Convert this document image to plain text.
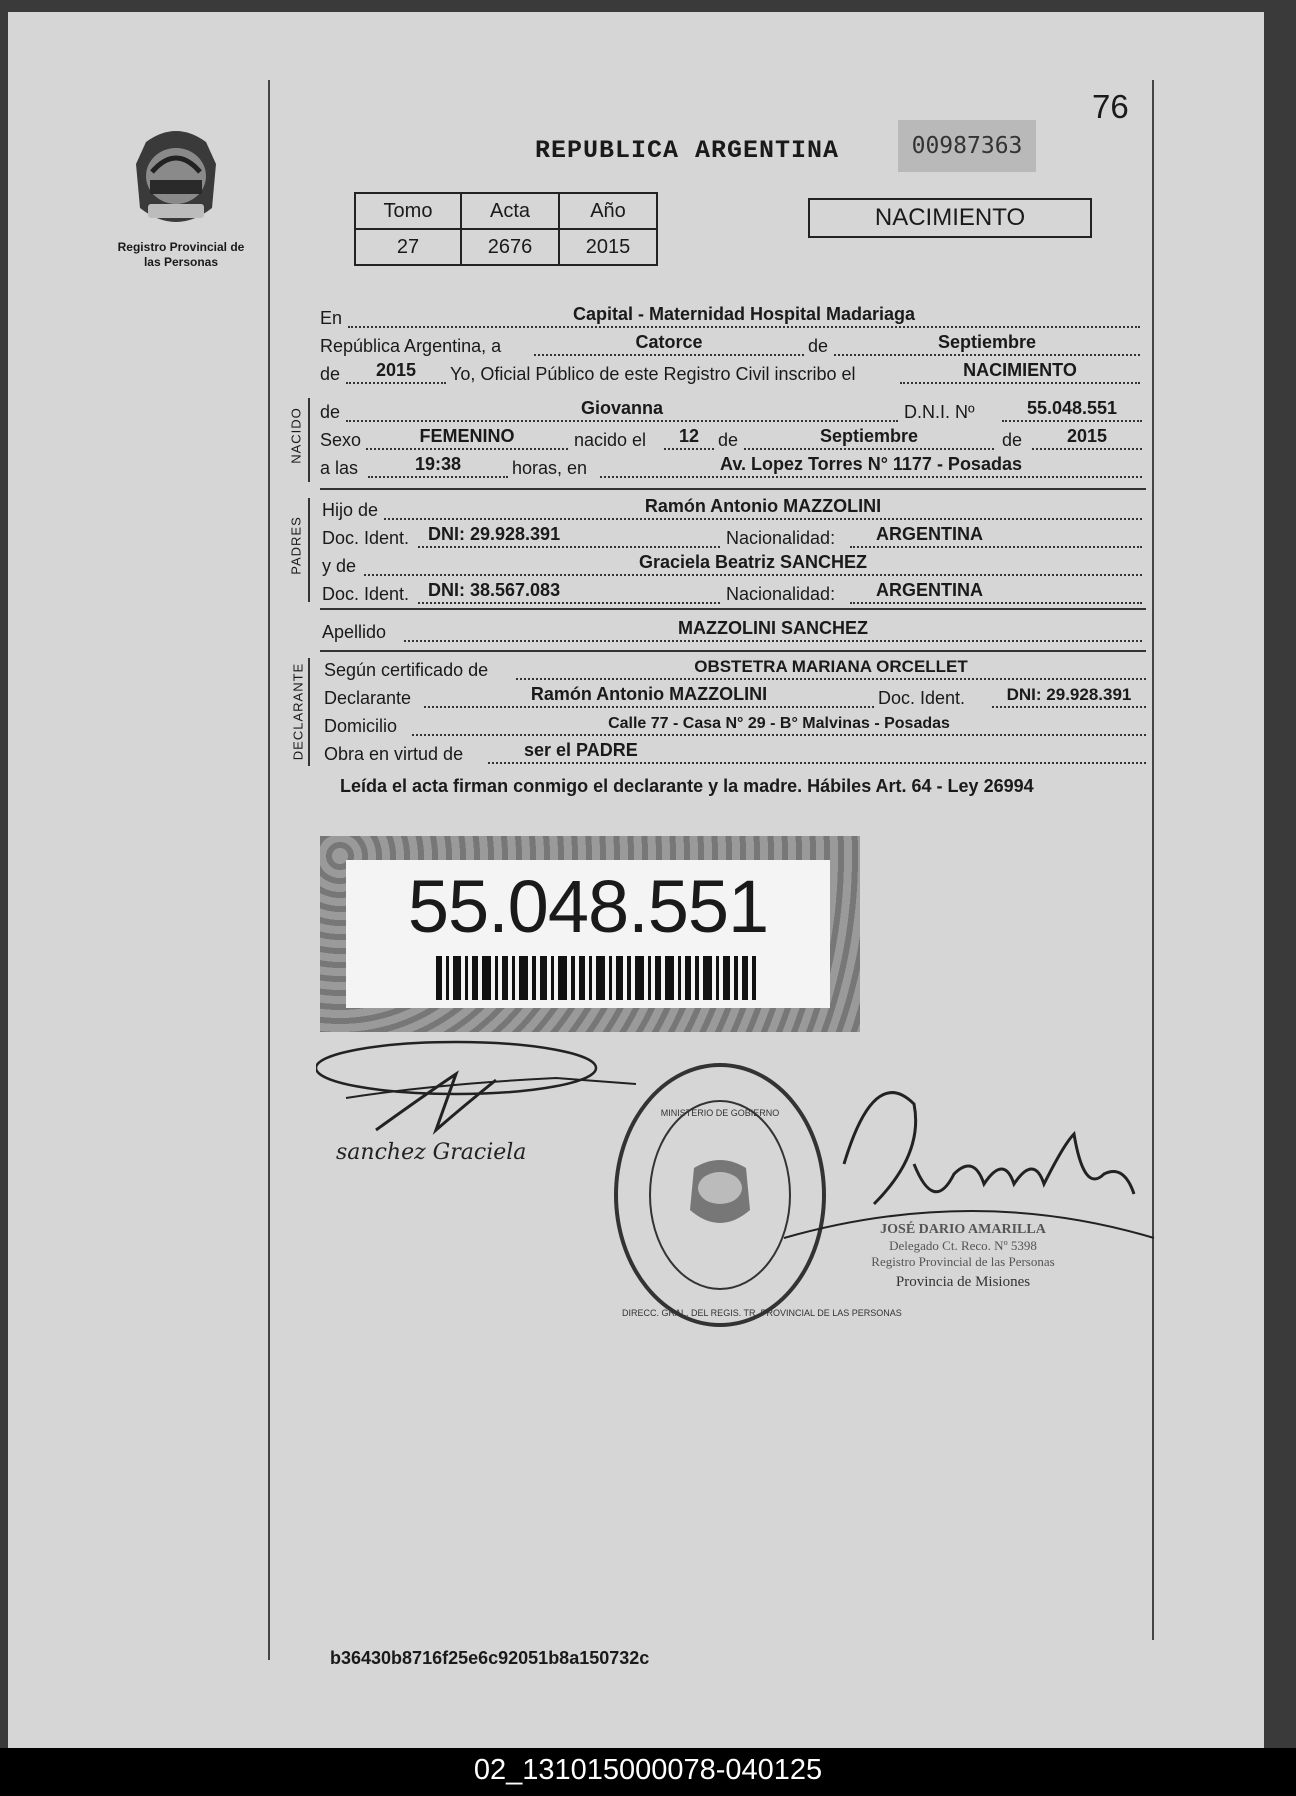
76
Registro Provincial de las Personas
REPUBLICA ARGENTINA	00987363
Tomo	Acta	Año
27	2676	2015
NACIMIENTO
En	Capital - Maternidad Hospital Madariaga
República Argentina, a	Catorce	de	Septiembre
de	2015	Yo, Oficial Público de este Registro Civil inscribo el	NACIMIENTO
NACIDO de	Giovanna	D.N.I. Nº	55.048.551
Sexo	FEMENINO	nacido el	12	de	Septiembre	de	2015
a las	19:38	horas, en	Av. Lopez Torres N° 1177 - Posadas
PADRES
Hijo de	Ramón Antonio MAZZOLINI
Doc. Ident.	DNI: 29.928.391	Nacionalidad:	ARGENTINA
y de	Graciela Beatriz SANCHEZ
Doc. Ident.	DNI: 38.567.083	Nacionalidad:	ARGENTINA
Apellido	MAZZOLINI SANCHEZ
DECLARANTE Según certificado de	OBSTETRA MARIANA ORCELLET
Declarante	Ramón Antonio MAZZOLINI	Doc. Ident.	DNI: 29.928.391
Domicilio	Calle 77 - Casa N° 29 - B° Malvinas - Posadas
Obra en virtud de	ser el PADRE
Leída el acta firman conmigo el declarante y la madre. Hábiles Art. 64 - Ley 26994
55.048.551
sanchez Graciela
DIRECC. GRAL. DEL REGIS. TR. PROVINCIAL DE LAS PERSONAS
MINISTERIO DE GOBIERNO
JOSÉ DARIO AMARILLA
Delegado Ct. Reco. Nº 5398
Registro Provincial de las Personas
Provincia de Misiones
b36430b8716f25e6c92051b8a150732c
02_131015000078-040125
